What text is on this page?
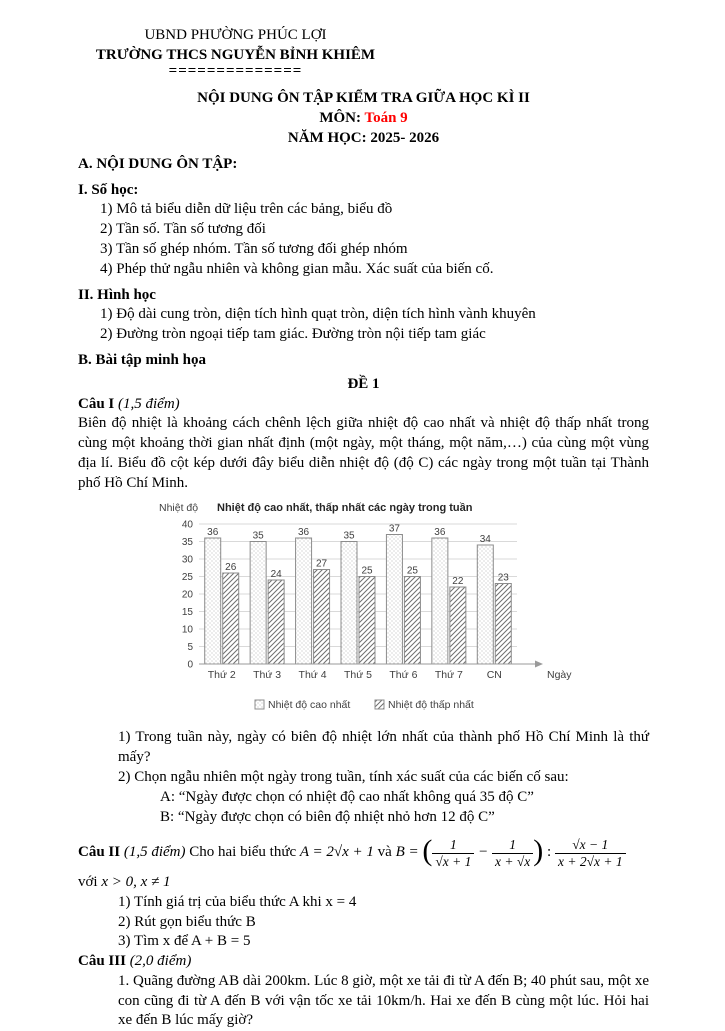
UBND PHƯỜNG PHÚC LỢI
TRƯỜNG THCS NGUYỄN BỈNH KHIÊM
==============
NỘI DUNG ÔN TẬP KIỂM TRA GIỮA HỌC KÌ II
MÔN: Toán 9
NĂM HỌC: 2025- 2026
A. NỘI DUNG ÔN TẬP:
I. Số học:
1) Mô tả biểu diễn dữ liệu trên các bảng, biểu đồ
2) Tần số. Tần số tương đối
3) Tần số ghép nhóm. Tần số tương đối ghép nhóm
4) Phép thử ngẫu nhiên và không gian mẫu. Xác suất của biến cố.
II. Hình học
1) Độ dài cung tròn, diện tích hình quạt tròn, diện tích hình vành khuyên
2) Đường tròn ngoại tiếp tam giác. Đường tròn nội tiếp tam giác
B. Bài tập minh họa
ĐỀ 1
Câu I (1,5 điểm)
Biên độ nhiệt là khoảng cách chênh lệch giữa nhiệt độ cao nhất và nhiệt độ thấp nhất trong cùng một khoảng thời gian nhất định (một ngày, một tháng, một năm,…) của cùng một vùng địa lí. Biểu đồ cột kép dưới đây biểu diễn nhiệt độ (độ C) các ngày trong một tuần tại Thành phố Hồ Chí Minh.
0
5
10
15
20
25
30
35
40
36
26
Thứ 2
35
24
Thứ 3
36
27
Thứ 4
35
25
Thứ 5
37
25
Thứ 6
36
22
Thứ 7
34
23
CN	Ngày
Nhiệt độ Nhiệt độ cao nhất, thấp nhất các ngày trong tuần
Nhiệt độ cao nhất	Nhiệt độ thấp nhất
1) Trong tuần này, ngày có biên độ nhiệt lớn nhất của thành phố Hồ Chí Minh là thứ mấy?
2) Chọn ngẫu nhiên một ngày trong tuần, tính xác suất của các biến cố sau:
A: “Ngày được chọn có nhiệt độ cao nhất không quá 35 độ C”
B: “Ngày được chọn có biên độ nhiệt nhỏ hơn 12 độ C”
Câu II (1,5 điểm) Cho hai biểu thức A = 2√x + 1 và B = ( $\frac{1}{√x + 1} - \frac{1}{x + √x}$ ) : $\frac{√x - 1}{x + 2√x + 1}$
với x > 0, x ≠ 1
1) Tính giá trị của biểu thức A khi x = 4
2) Rút gọn biểu thức B
3) Tìm x để A + B = 5
Câu III (2,0 điểm)
1. Quãng đường AB dài 200km. Lúc 8 giờ, một xe tải đi từ A đến B; 40 phút sau, một xe con cũng đi từ A đến B với vận tốc xe tải 10km/h. Hai xe đến B cùng một lúc. Hỏi hai xe đến B lúc mấy giờ?
